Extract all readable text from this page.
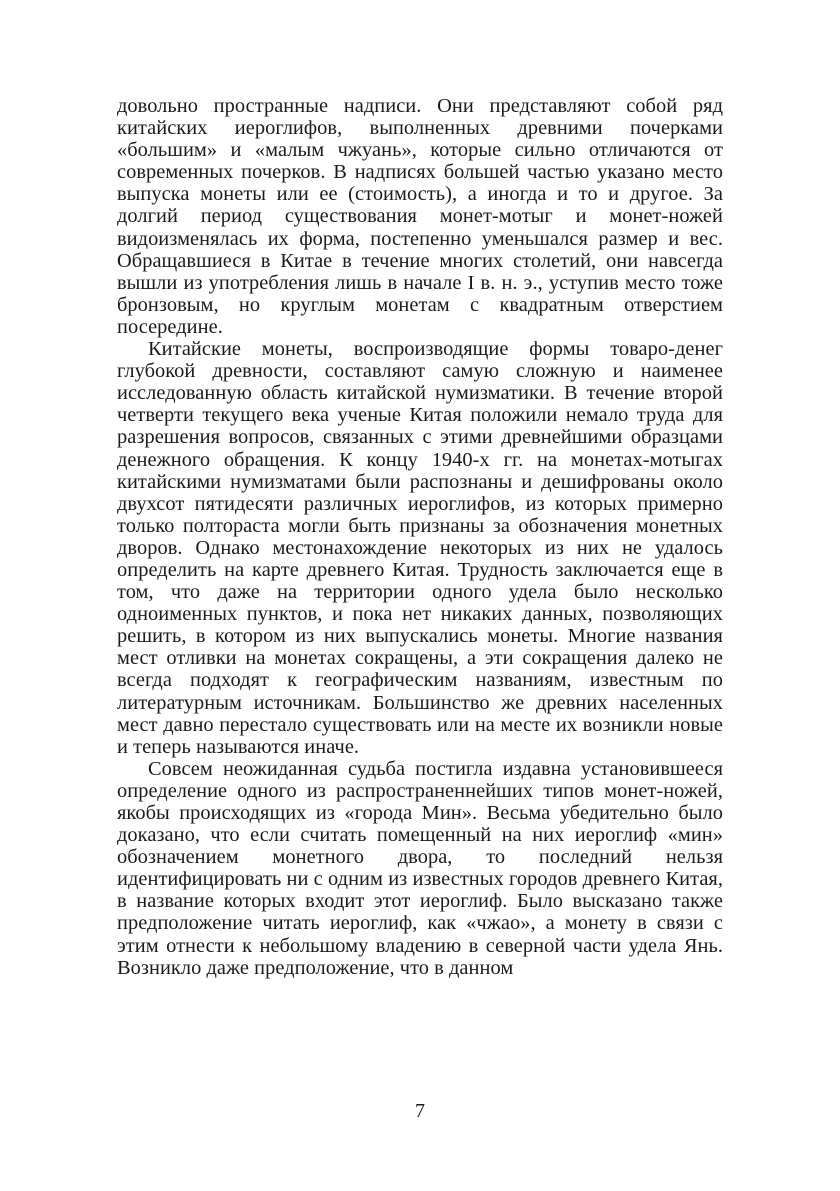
довольно пространные надписи. Они представляют собой ряд китайских иероглифов, выполненных древними почерками «большим» и «малым чжуань», которые сильно отличаются от современных почерков. В надписях большей частью указано место выпуска монеты или ее (стоимость), а иногда и то и другое. За долгий период существования монет-мотыг и монет-ножей видоизменялась их форма, постепенно уменьшался размер и вес. Обращавшиеся в Китае в течение многих столетий, они навсегда вышли из употребления лишь в начале I в. н. э., уступив место тоже бронзовым, но круглым монетам с квадратным отверстием посередине.

Китайские монеты, воспроизводящие формы товаро-денег глубокой древности, составляют самую сложную и наименее исследованную область китайской нумизматики. В течение второй четверти текущего века ученые Китая положили немало труда для разрешения вопросов, связанных с этими древнейшими образцами денежного обращения. К концу 1940-х гг. на монетах-мотыгах китайскими нумизматами были распознаны и дешифрованы около двухсот пятидесяти различных иероглифов, из которых примерно только полтораста могли быть признаны за обозначения монетных дворов. Однако местонахождение некоторых из них не удалось определить на карте древнего Китая. Трудность заключается еще в том, что даже на территории одного удела было несколько одноименных пунктов, и пока нет никаких данных, позволяющих решить, в котором из них выпускались монеты. Многие названия мест отливки на монетах сокращены, а эти сокращения далеко не всегда подходят к географическим названиям, известным по литературным источникам. Большинство же древних населенных мест давно перестало существовать или на месте их возникли новые и теперь называются иначе.

Совсем неожиданная судьба постигла издавна установившееся определение одного из распространеннейших типов монет-ножей, якобы происходящих из «города Мин». Весьма убедительно было доказано, что если считать помещенный на них иероглиф «мин» обозначением монетного двора, то последний нельзя идентифицировать ни с одним из известных городов древнего Китая, в название которых входит этот иероглиф. Было высказано также предположение читать иероглиф, как «чжао», а монету в связи с этим отнести к небольшому владению в северной части удела Янь. Возникло даже предположение, что в данном

7
